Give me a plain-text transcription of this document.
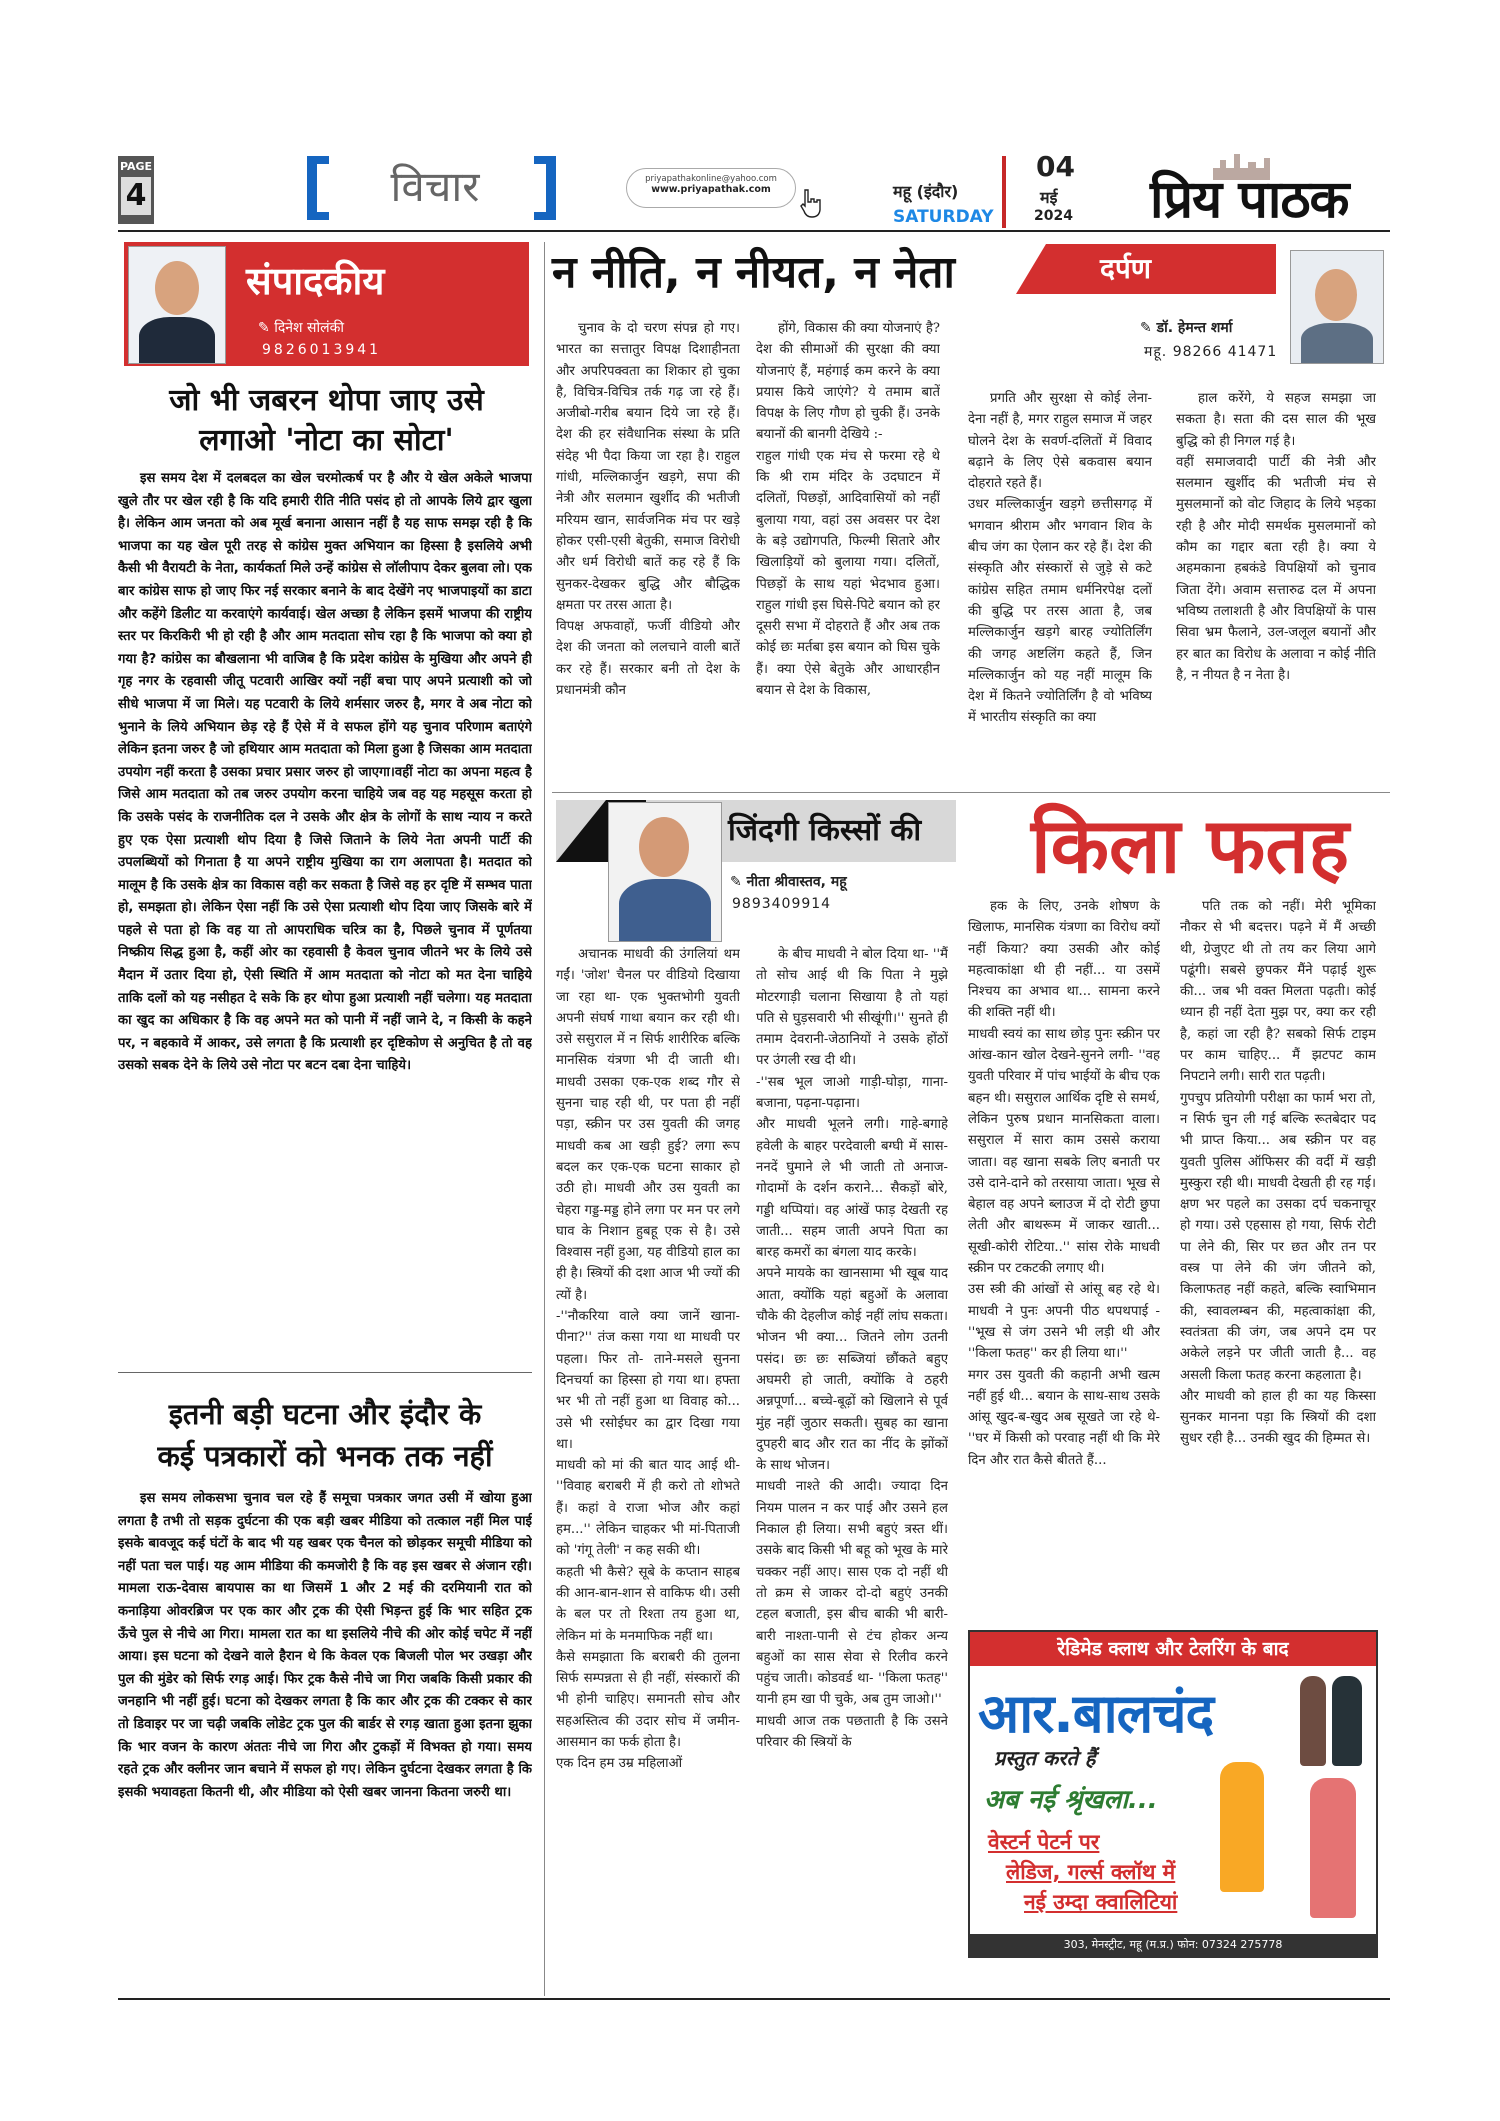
PAGE
4	विचार	priyapathakonline@yahoo.com
www.priyapathak.com	महू (इंदौर)
SATURDAY
04
मई
2024 प्रिय पाठक
संपादकीय
✎ दिनेश सोलंकी
9826013941
जो भी जबरन थोपा जाए उसे
लगाओ 'नोटा का सोटा'

इस समय देश में दलबदल का खेल चरमोत्कर्ष पर है और ये खेल अकेले भाजपा खुले तौर पर खेल रही है कि यदि हमारी रीति नीति पसंद हो तो आपके लिये द्वार खुला है। लेकिन आम जनता को अब मूर्ख बनाना आसान नहीं है यह साफ समझ रही है कि भाजपा का यह खेल पूरी तरह से कांग्रेस मुक्त अभियान का हिस्सा है इसलिये अभी कैसी भी वैरायटी के नेता, कार्यकर्ता मिले उन्हें कांग्रेस से लॉलीपाप देकर बुलवा लो। एक बार कांग्रेस साफ हो जाए फिर नई सरकार बनाने के बाद देखेंगे नए भाजपाइयों का डाटा और कहेंगे डिलीट या करवाएंगे कार्यवाई। खेल अच्छा है लेकिन इसमें भाजपा की राष्ट्रीय स्तर पर किरकिरी भी हो रही है और आम मतदाता सोच रहा है कि भाजपा को क्या हो गया है? कांग्रेस का बौखलाना भी वाजिब है कि प्रदेश कांग्रेस के मुखिया और अपने ही गृह नगर के रहवासी जीतू पटवारी आखिर क्यों नहीं बचा पाए अपने प्रत्याशी को जो सीधे भाजपा में जा मिले। यह पटवारी के लिये शर्मसार जरुर है, मगर वे अब नोटा को भुनाने के लिये अभियान छेड़ रहे हैं ऐसे में वे सफल होंगे यह चुनाव परिणाम बताएंगे लेकिन इतना जरुर है जो हथियार आम मतदाता को मिला हुआ है जिसका आम मतदाता उपयोग नहीं करता है उसका प्रचार प्रसार जरुर हो जाएगा।वहीं नोटा का अपना महत्व है जिसे आम मतदाता को तब जरुर उपयोग करना चाहिये जब वह यह महसूस करता हो कि उसके पसंद के राजनीतिक दल ने उसके और क्षेत्र के लोगों के साथ न्याय न करते हुए एक ऐसा प्रत्याशी थोप दिया है जिसे जिताने के लिये नेता अपनी पार्टी की उपलब्धियों को गिनाता है या अपने राष्ट्रीय मुखिया का राग अलापता है। मतदात को मालूम है कि उसके क्षेत्र का विकास वही कर सकता है जिसे वह हर दृष्टि में सम्भव पाता हो, समझता हो। लेकिन ऐसा नहीं कि उसे ऐसा प्रत्याशी थोप दिया जाए जिसके बारे में पहले से पता हो कि वह या तो आपराधिक चरित्र का है, पिछले चुनाव में पूर्णतया निष्क्रीय सिद्ध हुआ है, कहीं ओर का रहवासी है केवल चुनाव जीतने भर के लिये उसे मैदान में उतार दिया हो, ऐसी स्थिति में आम मतदाता को नोटा को मत देना चाहिये ताकि दलों को यह नसीहत दे सके कि हर थोपा हुआ प्रत्याशी नहीं चलेगा। यह मतदाता का खुद का अधिकार है कि वह अपने मत को पानी में नहीं जाने दे, न किसी के कहने पर, न बहकावे में आकर, उसे लगता है कि प्रत्याशी हर दृष्टिकोण से अनुचित है तो वह उसको सबक देने के लिये उसे नोटा पर बटन दबा देना चाहिये।

इतनी बड़ी घटना और इंदौर के
कई पत्रकारों को भनक तक नहीं

इस समय लोकसभा चुनाव चल रहे हैं समूचा पत्रकार जगत उसी में खोया हुआ लगता है तभी तो सड़क दुर्घटना की एक बड़ी खबर मीडिया को तत्काल नहीं मिल पाई इसके बावजूद कई घंटों के बाद भी यह खबर एक चैनल को छोड़कर समूची मीडिया को नहीं पता चल पाई। यह आम मीडिया की कमजोरी है कि वह इस खबर से अंजान रही। मामला राऊ-देवास बायपास का था जिसमें 1 और 2 मई की दरमियानी रात को कनाड़िया ओवरब्रिज पर एक कार और ट्रक की ऐसी भिड़न्त हुई कि भार सहित ट्रक ऊँचे पुल से नीचे आ गिरा। मामला रात का था इसलिये नीचे की ओर कोई चपेट में नहीं आया। इस घटना को देखने वाले हैरान थे कि केवल एक बिजली पोल भर उखड़ा और पुल की मुंडेर को सिर्फ रगड़ आई। फिर ट्रक कैसे नीचे जा गिरा जबकि किसी प्रकार की जनहानि भी नहीं हुई। घटना को देखकर लगता है कि कार और ट्रक की टक्कर से कार तो डिवाइर पर जा चढ़ी जबकि लोडेट ट्रक पुल की बार्डर से रगड़ खाता हुआ इतना झुका कि भार वजन के कारण अंततः नीचे जा गिरा और टुकड़ों में विभक्त हो गया। समय रहते ट्रक और क्लीनर जान बचाने में सफल हो गए। लेकिन दुर्घटना देखकर लगता है कि इसकी भयावहता कितनी थी, और मीडिया को ऐसी खबर जानना कितना जरुरी था।

न नीति, न नीयत, न नेता	दर्पण
✎ डॉ. हेमन्त शर्मा
महू. 98266 41471

चुनाव के दो चरण संपन्न हो गए। भारत का सत्तातुर विपक्ष दिशाहीनता और अपरिपक्वता का शिकार हो चुका है, विचित्र-विचित्र तर्क गढ़ जा रहे हैं। अजीबो-गरीब बयान दिये जा रहे हैं। देश की हर संवैधानिक संस्था के प्रति संदेह भी पैदा किया जा रहा है। राहुल गांधी, मल्लिकार्जुन खड़गे, सपा की नेत्री और सलमान खुर्शीद की भतीजी मरियम खान, सार्वजनिक मंच पर खड़े होकर एसी-एसी बेतुकी, समाज विरोधी और धर्म विरोधी बातें कह रहे हैं कि सुनकर-देखकर बुद्धि और बौद्धिक क्षमता पर तरस आता है।
विपक्ष अफवाहों, फर्जी वीडियो और देश की जनता को ललचाने वाली बातें कर रहे हैं। सरकार बनी तो देश के प्रधानमंत्री कौन

होंगे, विकास की क्या योजनाएं है? देश की सीमाओं की सुरक्षा की क्या योजनाएं हैं, महंगाई कम करने के क्या प्रयास किये जाएंगे? ये तमाम बातें विपक्ष के लिए गौण हो चुकी हैं। उनके बयानों की बानगी देखिये :-
राहुल गांधी एक मंच से फरमा रहे थे कि श्री राम मंदिर के उदघाटन में दलितों, पिछड़ों, आदिवासियों को नहीं बुलाया गया, वहां उस अवसर पर देश के बड़े उद्योगपति, फिल्मी सितारे और खिलाड़ियों को बुलाया गया। दलितों, पिछड़ों के साथ यहां भेदभाव हुआ। राहुल गांधी इस घिसे-पिटे बयान को हर दूसरी सभा में दोहराते हैं और अब तक कोई छः मर्तबा इस बयान को घिस चुके हैं। क्या ऐसे बेतुके और आधारहीन बयान से देश के विकास,

प्रगति और सुरक्षा से कोई लेना-देना नहीं है, मगर राहुल समाज में जहर घोलने देश के सवर्ण-दलितों में विवाद बढ़ाने के लिए ऐसे बकवास बयान दोहराते रहते हैं।
उधर मल्लिकार्जुन खड़गे छत्तीसगढ़ में भगवान श्रीराम और भगवान शिव के बीच जंग का ऐलान कर रहे हैं। देश की संस्कृति और संस्कारों से जुड़े से कटे कांग्रेस सहित तमाम धर्मनिरपेक्ष दलों की बुद्धि पर तरस आता है, जब मल्लिकार्जुन खड़गे बारह ज्योतिर्लिंग की जगह अष्टलिंग कहते हैं, जिन मल्लिकार्जुन को यह नहीं मालूम कि देश में कितने ज्योतिर्लिंग है वो भविष्य में भारतीय संस्कृति का क्या

हाल करेंगे, ये सहज समझा जा सकता है। सता की दस साल की भूख बुद्धि को ही निगल गई है।
वहीं समाजवादी पार्टी की नेत्री और सलमान खुर्शीद की भतीजी मंच से मुसलमानों को वोट जिहाद के लिये भड़का रही है और मोदी समर्थक मुसलमानों को कौम का गद्दार बता रही है। क्या ये अहमकाना हबकंडे विपक्षियों को चुनाव जिता देंगे। अवाम सत्तारुढ दल में अपना भविष्य तलाशती है और विपक्षियों के पास सिवा भ्रम फैलाने, उल-जलूल बयानों और हर बात का विरोध के अलावा न कोई नीति है, न नीयत है न नेता है।

जिंदगी किस्सों की
✎ नीता श्रीवास्तव, महू
9893409914
किला फतह

अचानक माधवी की उंगलियां थम गईं। 'जोश' चैनल पर वीडियो दिखाया जा रहा था- एक भुक्तभोगी युवती अपनी संघर्ष गाथा बयान कर रही थी। उसे ससुराल में न सिर्फ शारीरिक बल्कि मानसिक यंत्रणा भी दी जाती थी। माधवी उसका एक-एक शब्द गौर से सुनना चाह रही थी, पर पता ही नहीं पड़ा, स्क्रीन पर उस युवती की जगह माधवी कब आ खड़ी हुई? लगा रूप बदल कर एक-एक घटना साकार हो उठी हो। माधवी और उस युवती का चेहरा गड्ड-मड्ड होने लगा पर मन पर लगे घाव के निशान हुबहू एक से है। उसे विश्वास नहीं हुआ, यह वीडियो हाल का ही है। स्त्रियों की दशा आज भी ज्यों की त्यों है।
-''नौकरिया वाले क्या जानें खाना-पीना?'' तंज कसा गया था माधवी पर पहला। फिर तो- ताने-मसले सुनना दिनचर्या का हिस्सा हो गया था। हफ्ता भर भी तो नहीं हुआ था विवाह को... उसे भी रसोईघर का द्वार दिखा गया था।
माधवी को मां की बात याद आई थी- ''विवाह बराबरी में ही करो तो शोभते हैं। कहां वे राजा भोज और कहां हम...'' लेकिन चाहकर भी मां-पिताजी को 'गंगू तेली' न कह सकी थी।
कहती भी कैसे? सूबे के कप्तान साहब की आन-बान-शान से वाकिफ थी। उसी के बल पर तो रिश्ता तय हुआ था, लेकिन मां के मनमाफिक नहीं था।
कैसे समझाता कि बराबरी की तुलना सिर्फ सम्पन्नता से ही नहीं, संस्कारों की भी होनी चाहिए। समानती सोच और सहअस्तित्व की उदार सोच में जमीन-आसमान का फर्क होता है।
एक दिन हम उम्र महिलाओं

के बीच माधवी ने बोल दिया था- ''मैं तो सोच आई थी कि पिता ने मुझे मोटरगाड़ी चलाना सिखाया है तो यहां पति से घुड़सवारी भी सीखूंगी।'' सुनते ही तमाम देवरानी-जेठानियों ने उसके होंठों पर उंगली रख दी थी।
-''सब भूल जाओ गाड़ी-घोड़ा, गाना-बजाना, पढ़ना-पढ़ाना।
और माधवी भूलने लगी। गाहे-बगाहे हवेली के बाहर परदेवाली बग्घी में सास-ननदें घुमाने ले भी जाती तो अनाज-गोदामों के दर्शन कराने... सैकड़ों बोरे, गड्डी थप्पियां। वह आंखें फाड़ देखती रह जाती... सहम जाती अपने पिता का बारह कमरों का बंगला याद करके।
अपने मायके का खानसामा भी खूब याद आता, क्योंकि यहां बहुओं के अलावा चौके की देहलीज कोई नहीं लांघ सकता। भोजन भी क्या... जितने लोग उतनी पसंद। छः छः सब्जियां छौंकते बहुए अघमरी हो जाती, क्योंकि वे ठहरी अन्नपूर्णा... बच्चे-बूढ़ों को खिलाने से पूर्व मुंह नहीं जुठार सकती। सुबह का खाना दुपहरी बाद और रात का नींद के झोंकों के साथ भोजन।
माधवी नाश्ते की आदी। ज्यादा दिन नियम पालन न कर पाई और उसने हल निकाल ही लिया। सभी बहुएं त्रस्त थीं। उसके बाद किसी भी बहू को भूख के मारे चक्कर नहीं आए। सास एक दो नहीं थी तो क्रम से जाकर दो-दो बहुएं उनकी टहल बजाती, इस बीच बाकी भी बारी-बारी नाश्ता-पानी से टंच होकर अन्य बहुओं का सास सेवा से रिलीव करने पहुंच जाती। कोडवर्ड था- ''किला फतह'' यानी हम खा पी चुके, अब तुम जाओ।''
माधवी आज तक पछताती है कि उसने परिवार की स्त्रियों के

हक के लिए, उनके शोषण के खिलाफ, मानसिक यंत्रणा का विरोध क्यों नहीं किया? क्या उसकी और कोई महत्वाकांक्षा थी ही नहीं... या उसमें निश्चय का अभाव था... सामना करने की शक्ति नहीं थी।
माधवी स्वयं का साथ छोड़ पुनः स्क्रीन पर आंख-कान खोल देखने-सुनने लगी- ''वह युवती परिवार में पांच भाईयों के बीच एक बहन थी। ससुराल आर्थिक दृष्टि से समर्थ, लेकिन पुरुष प्रधान मानसिकता वाला। ससुराल में सारा काम उससे कराया जाता। वह खाना सबके लिए बनाती पर उसे दाने-दाने को तरसाया जाता। भूख से बेहाल वह अपने ब्लाउज में दो रोटी छुपा लेती और बाथरूम में जाकर खाती... सूखी-कोरी रोटिया..'' सांस रोके माधवी स्क्रीन पर टकटकी लगाए थी।
उस स्त्री की आंखों से आंसू बह रहे थे। माधवी ने पुनः अपनी पीठ थपथपाई -''भूख से जंग उसने भी लड़ी थी और ''किला फतह'' कर ही लिया था।''
मगर उस युवती की कहानी अभी खत्म नहीं हुई थी... बयान के साथ-साथ उसके आंसू खुद-ब-खुद अब सूखते जा रहे थे-''घर में किसी को परवाह नहीं थी कि मेरे दिन और रात कैसे बीतते हैं...

पति तक को नहीं। मेरी भूमिका नौकर से भी बदत्तर। पढ़ने में मैं अच्छी थी, ग्रेजुएट थी तो तय कर लिया आगे पढूंगी। सबसे छुपकर मैंने पढ़ाई शुरू की... जब भी वक्त मिलता पढ़ती। कोई ध्यान ही नहीं देता मुझ पर, क्या कर रही है, कहां जा रही है? सबको सिर्फ टाइम पर काम चाहिए... मैं झटपट काम निपटाने लगी। सारी रात पढ़ती।
गुपचुप प्रतियोगी परीक्षा का फार्म भरा तो, न सिर्फ चुन ली गई बल्कि रूतबेदार पद भी प्राप्त किया... अब स्क्रीन पर वह युवती पुलिस ऑफिसर की वर्दी में खड़ी मुस्कुरा रही थी। माधवी देखती ही रह गई। क्षण भर पहले का उसका दर्प चकनाचूर हो गया। उसे एहसास हो गया, सिर्फ रोटी पा लेने की, सिर पर छत और तन पर वस्त्र पा लेने की जंग जीतने को, किलाफतह नहीं कहते, बल्कि स्वाभिमान की, स्वावलम्बन की, महत्वाकांक्षा की, स्वतंत्रता की जंग, जब अपने दम पर अकेले लड़ने पर जीती जाती है... वह असली किला फतह करना कहलाता है।
और माधवी को हाल ही का यह किस्सा सुनकर मानना पड़ा कि स्त्रियों की दशा सुधर रही है... उनकी खुद की हिम्मत से।

रेडिमेड क्लाथ और टेलरिंग के बाद
आर.बालचंद
प्रस्तुत करते हैं
अब नई श्रृंखला...
वेस्टर्न पेटर्न पर
लेडिज, गर्ल्स क्लॉथ में
नई उम्दा क्वालिटियां
303, मेनस्ट्रीट, महू (म.प्र.) फोन: 07324 275778
